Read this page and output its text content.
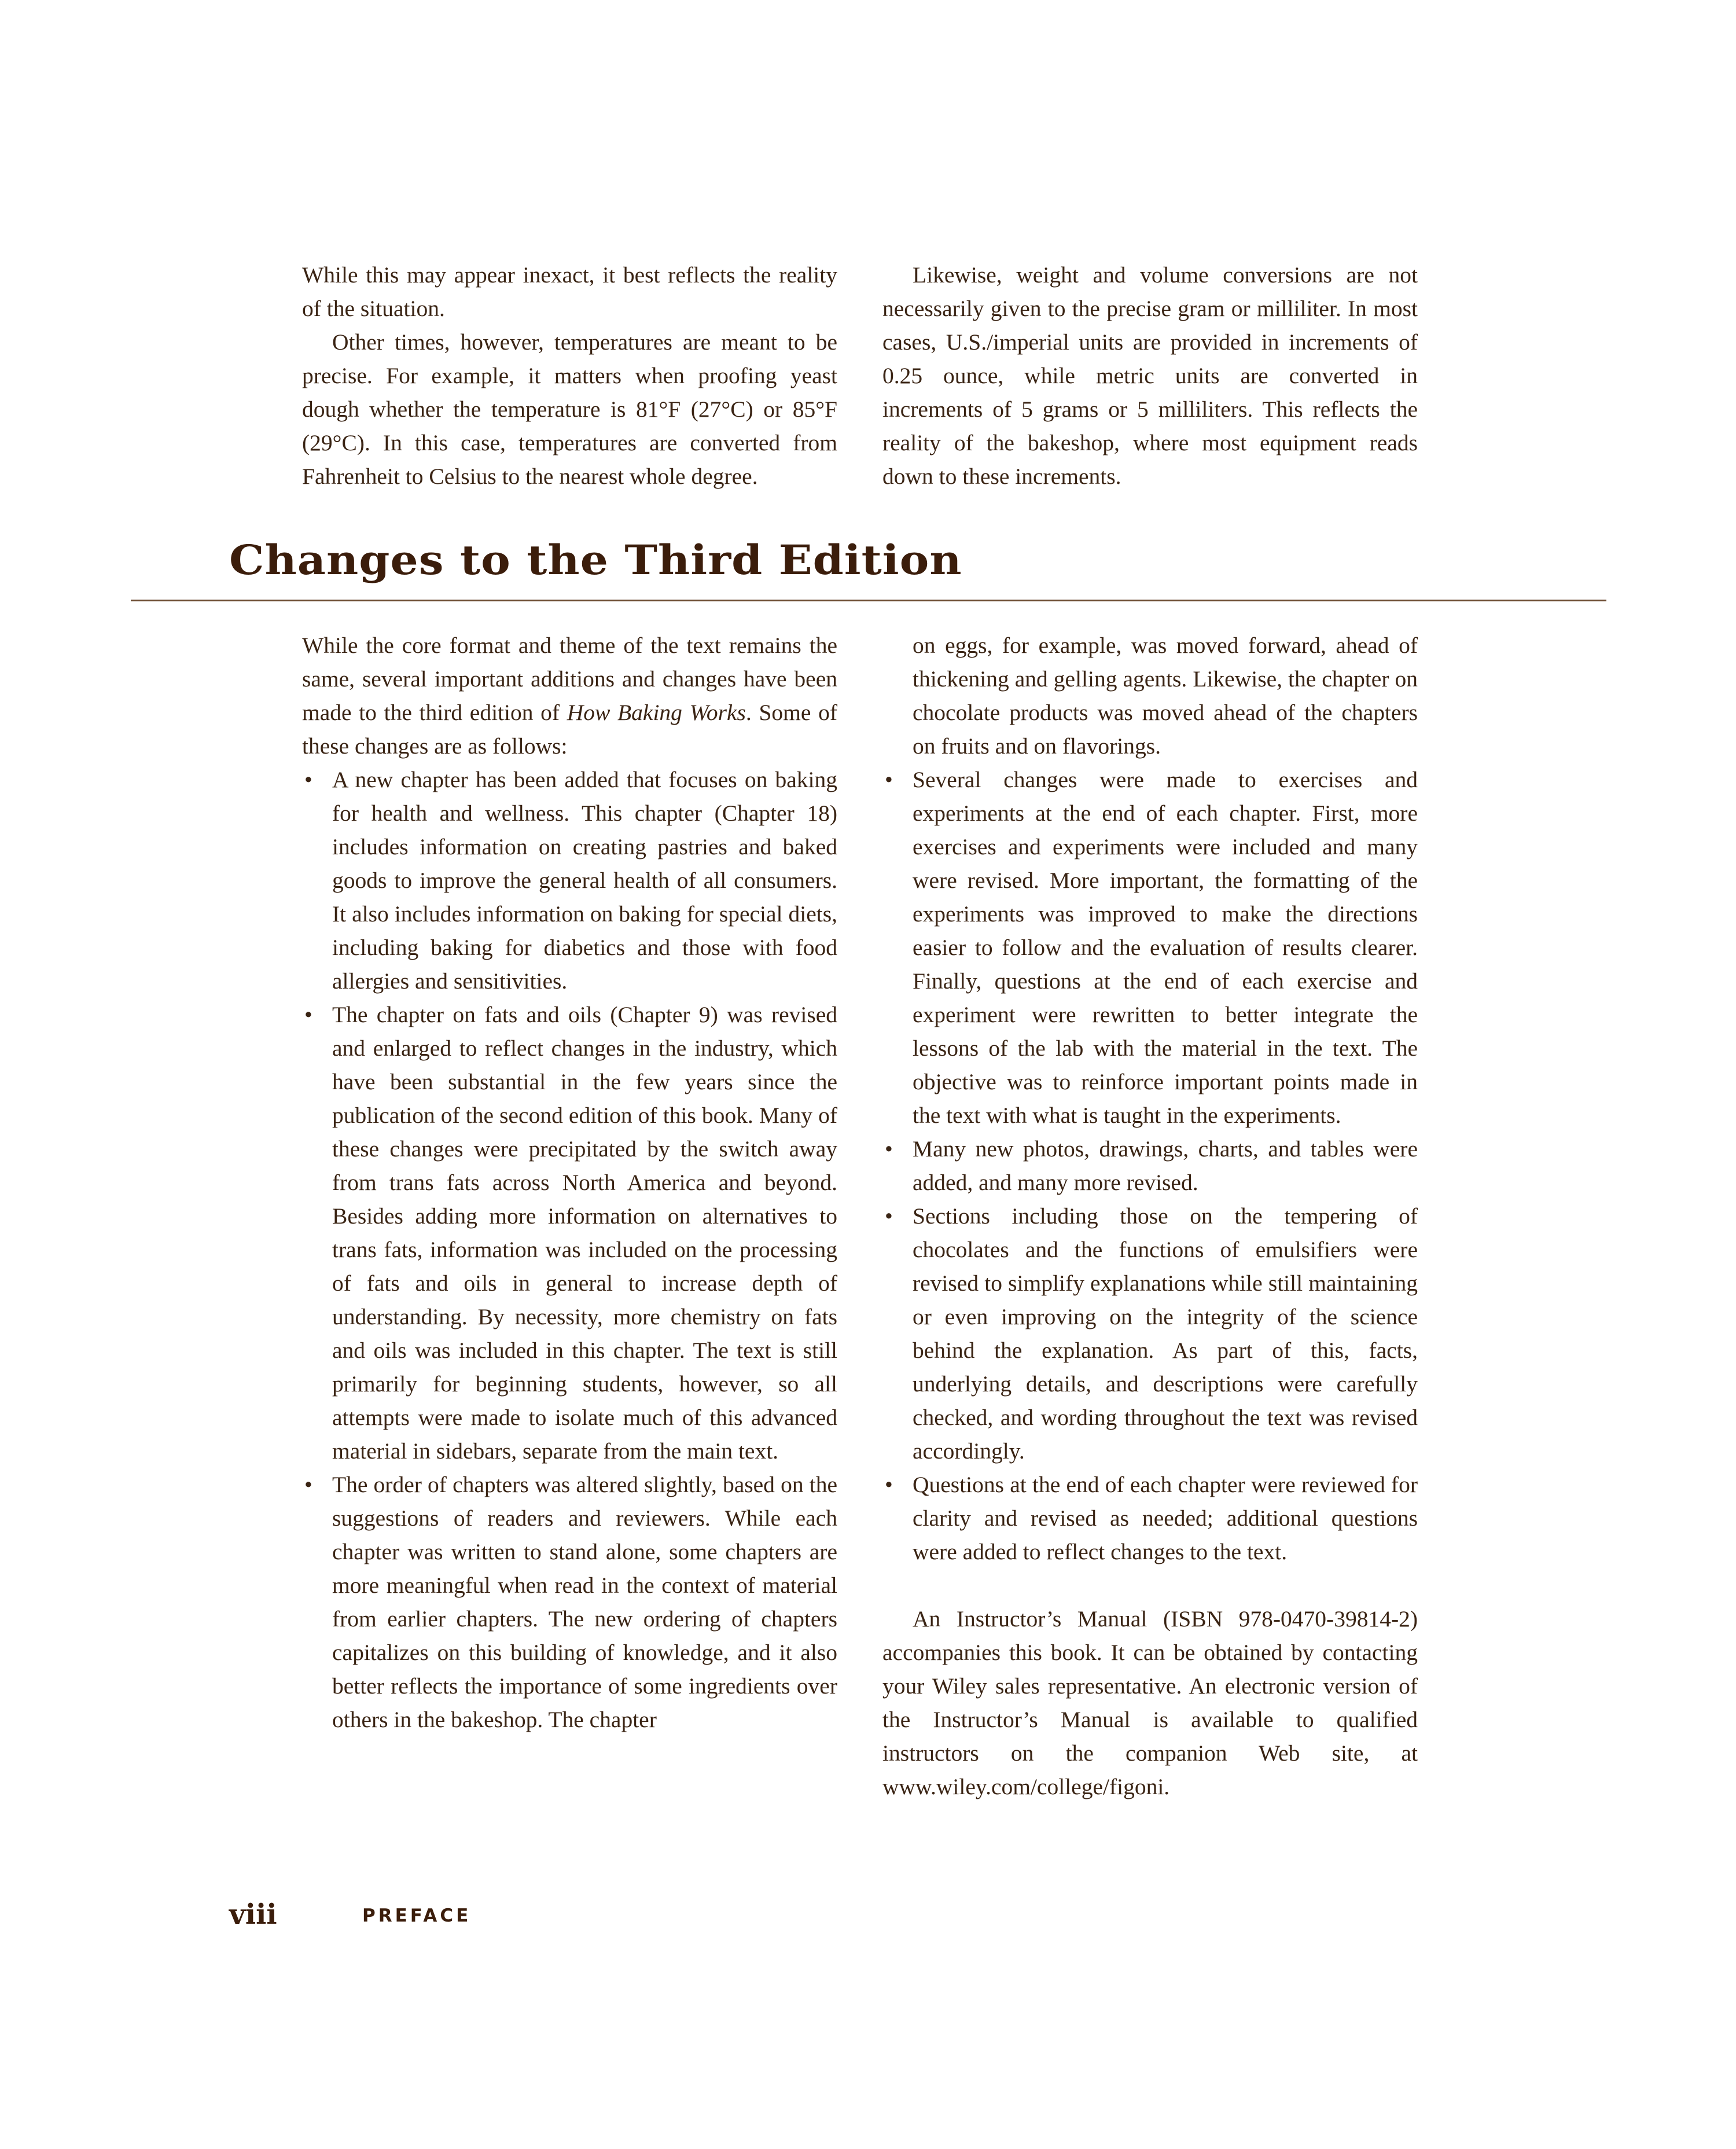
While this may appear inexact, it best reflects the reality of the situation.

Other times, however, temperatures are meant to be precise. For example, it matters when proofing yeast dough whether the temperature is 81°F (27°C) or 85°F (29°C). In this case, temperatures are converted from Fahrenheit to Celsius to the nearest whole degree.

Likewise, weight and volume conversions are not necessarily given to the precise gram or milliliter. In most cases, U.S./imperial units are provided in increments of 0.25 ounce, while metric units are converted in increments of 5 grams or 5 milliliters. This reflects the reality of the bakeshop, where most equipment reads down to these increments.

Changes to the Third Edition

While the core format and theme of the text remains the same, several important additions and changes have been made to the third edition of How Baking Works. Some of these changes are as follows:

• A new chapter has been added that focuses on baking for health and wellness. This chapter (Chapter 18) includes information on creating pastries and baked goods to improve the general health of all consumers. It also includes information on baking for special diets, including baking for diabetics and those with food allergies and sensitivities.
• The chapter on fats and oils (Chapter 9) was revised and enlarged to reflect changes in the industry, which have been substantial in the few years since the publication of the second edition of this book. Many of these changes were precipitated by the switch away from trans fats across North America and beyond. Besides adding more information on alternatives to trans fats, information was included on the processing of fats and oils in general to increase depth of understanding. By necessity, more chemistry on fats and oils was included in this chapter. The text is still primarily for beginning students, however, so all attempts were made to isolate much of this advanced material in sidebars, separate from the main text.
• The order of chapters was altered slightly, based on the suggestions of readers and reviewers. While each chapter was written to stand alone, some chapters are more meaningful when read in the context of material from earlier chapters. The new ordering of chapters capitalizes on this building of knowledge, and it also better reflects the importance of some ingredients over others in the bakeshop. The chapter
on eggs, for example, was moved forward, ahead of thickening and gelling agents. Likewise, the chapter on chocolate products was moved ahead of the chapters on fruits and on flavorings.
• Several changes were made to exercises and experiments at the end of each chapter. First, more exercises and experiments were included and many were revised. More important, the formatting of the experiments was improved to make the directions easier to follow and the evaluation of results clearer. Finally, questions at the end of each exercise and experiment were rewritten to better integrate the lessons of the lab with the material in the text. The objective was to reinforce important points made in the text with what is taught in the experiments.
• Many new photos, drawings, charts, and tables were added, and many more revised.
• Sections including those on the tempering of chocolates and the functions of emulsifiers were revised to simplify explanations while still maintaining or even improving on the integrity of the science behind the explanation. As part of this, facts, underlying details, and descriptions were carefully checked, and wording throughout the text was revised accordingly.
• Questions at the end of each chapter were reviewed for clarity and revised as needed; additional questions were added to reflect changes to the text.

An Instructor’s Manual (ISBN 978-0470-39814-2) accompanies this book. It can be obtained by contacting your Wiley sales representative. An electronic version of the Instructor’s Manual is available to qualified instructors on the companion Web site, at www.wiley.com/college/figoni.

viii	PREFACE
